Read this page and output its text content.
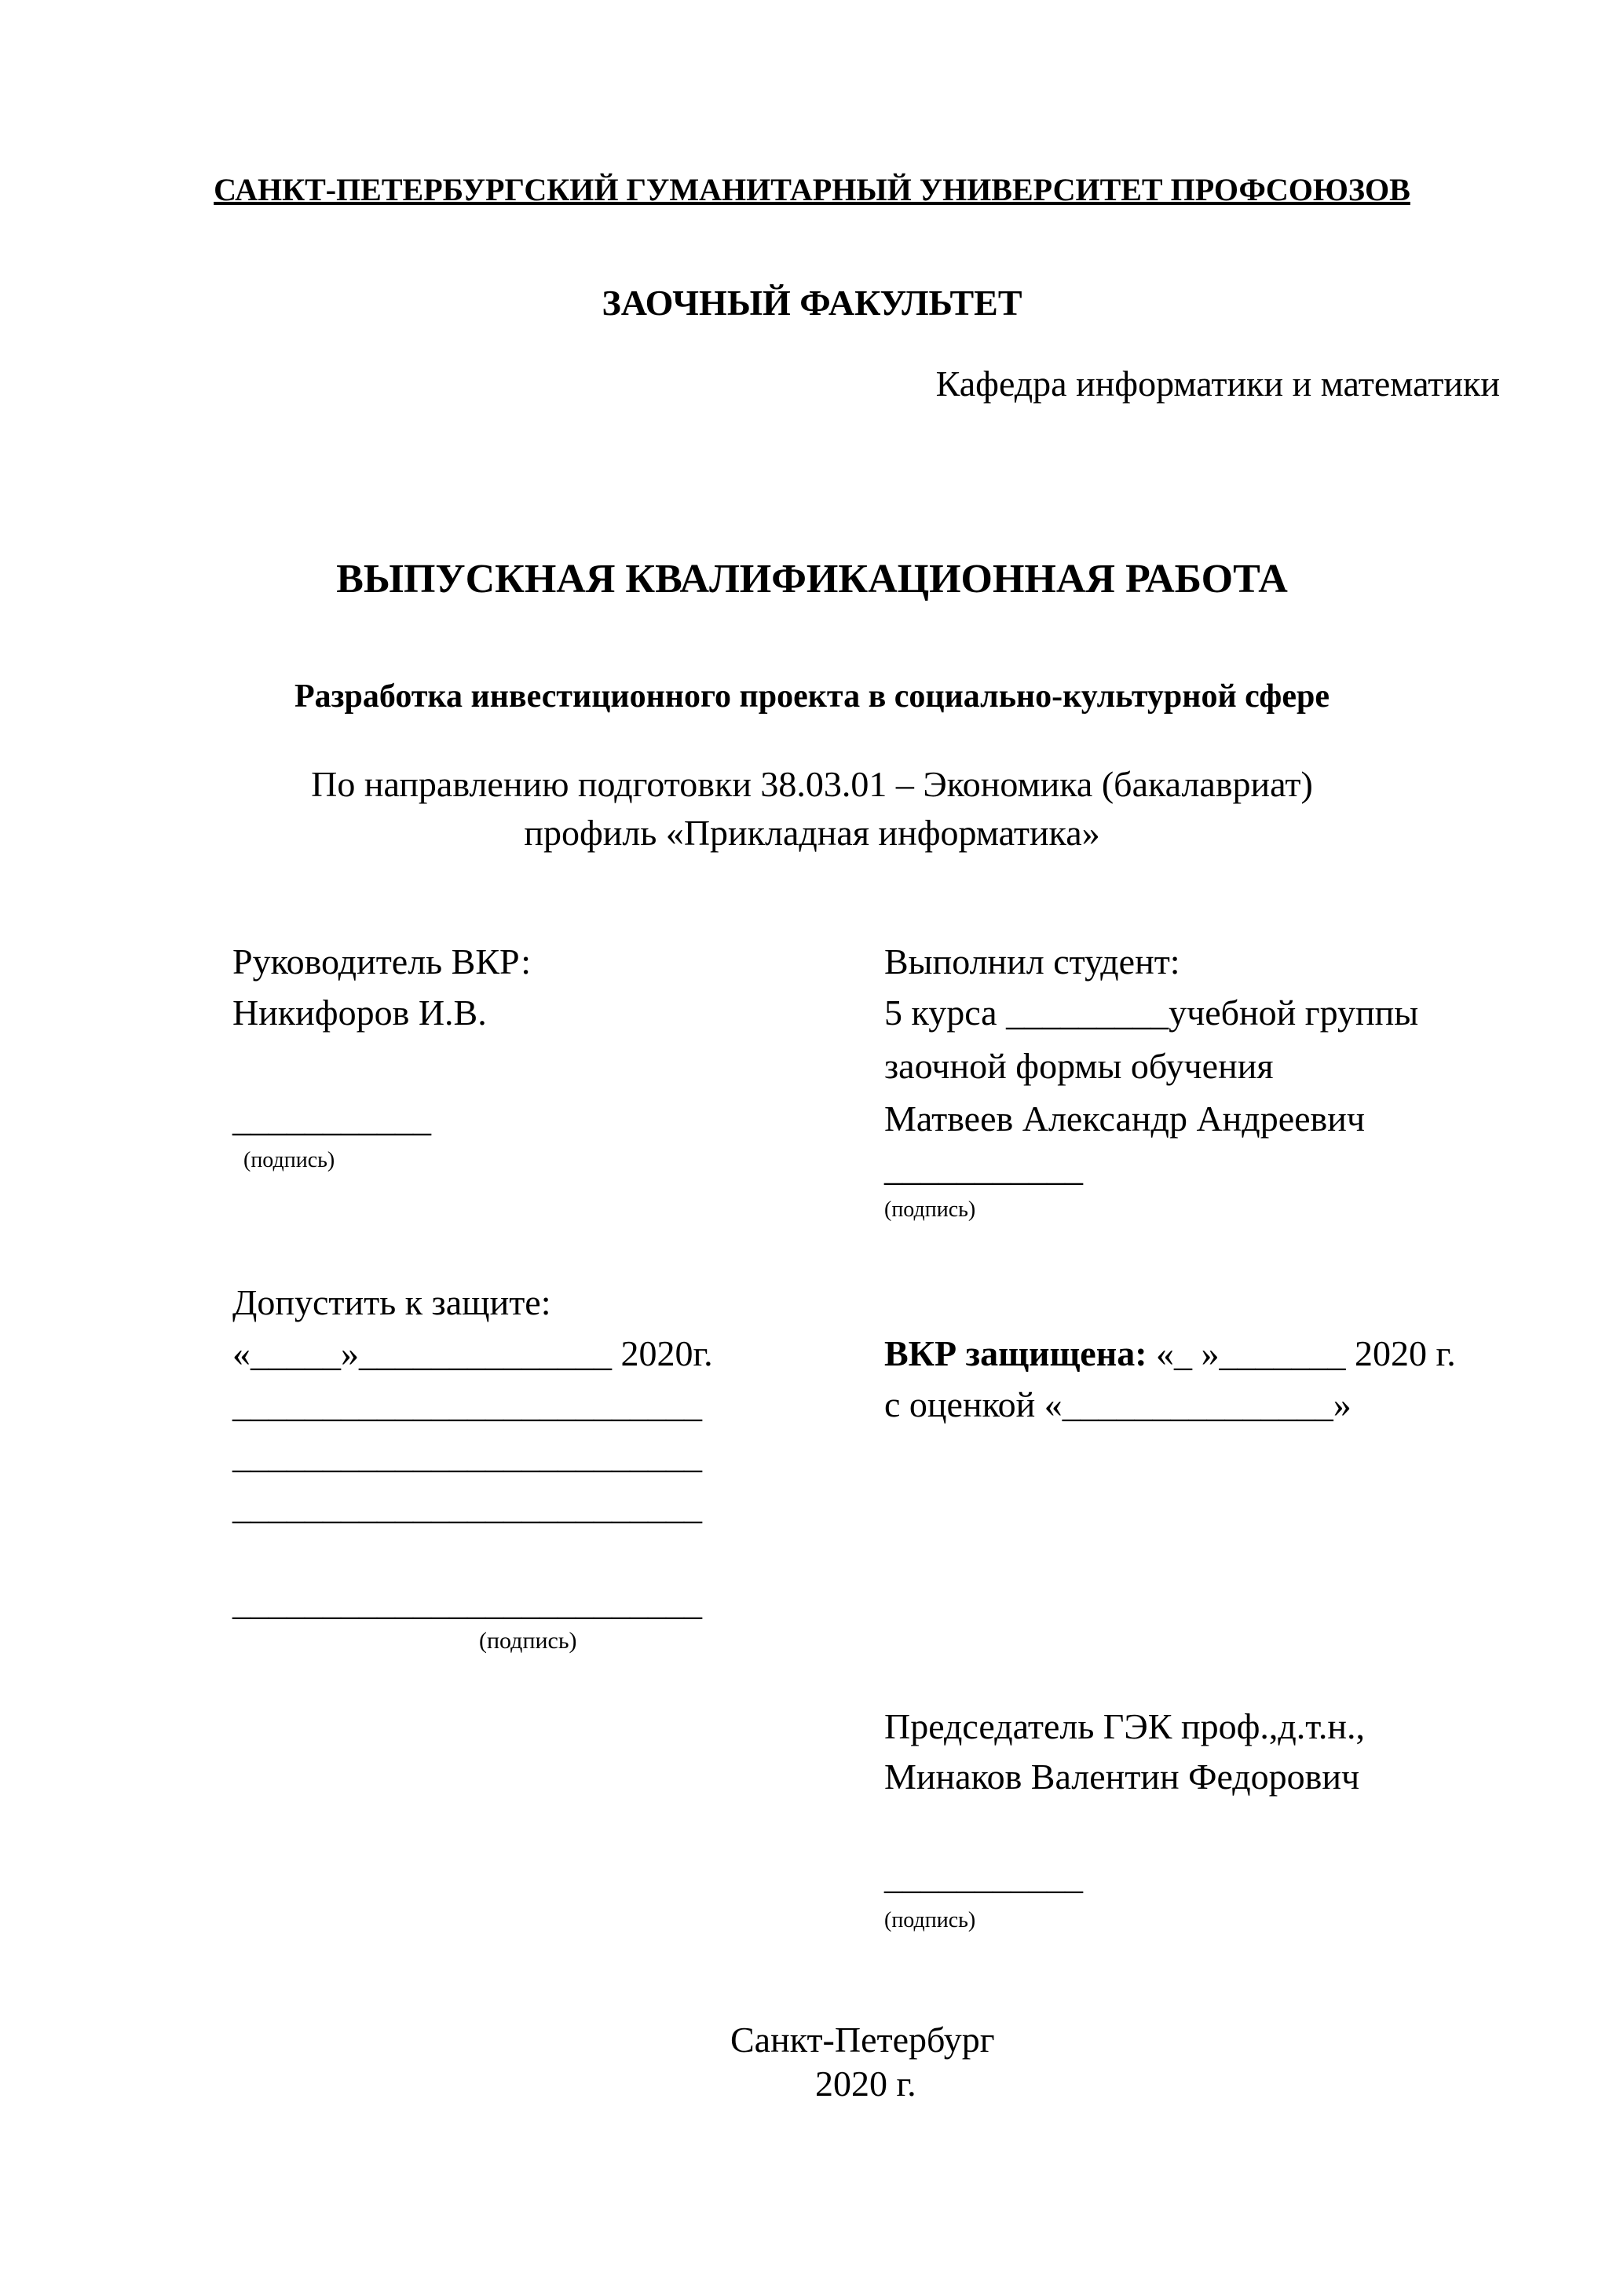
САНКТ-ПЕТЕРБУРГСКИЙ ГУМАНИТАРНЫЙ УНИВЕРСИТЕТ ПРОФСОЮЗОВ
ЗАОЧНЫЙ ФАКУЛЬТЕТ
Кафедра информатики и математики
ВЫПУСКНАЯ КВАЛИФИКАЦИОННАЯ РАБОТА
Разработка инвестиционного проекта в социально-культурной сфере
По направлению подготовки 38.03.01 – Экономика (бакалавриат)
профиль «Прикладная информатика»
Руководитель ВКР:
Никифоров И.В.
___________
(подпись)
Выполнил студент:
5 курса _________учебной группы
заочной формы обучения
Матвеев Александр Андреевич
___________
(подпись)
Допустить к защите:
«_____»______________ 2020г.
__________________________
__________________________
__________________________
__________________________
(подпись)
ВКР защищена: «_ »_______ 2020 г.
с оценкой «_______________»
Председатель ГЭК проф.,д.т.н.,
Минаков Валентин Федорович
___________
(подпись)
Санкт-Петербург
2020 г.
